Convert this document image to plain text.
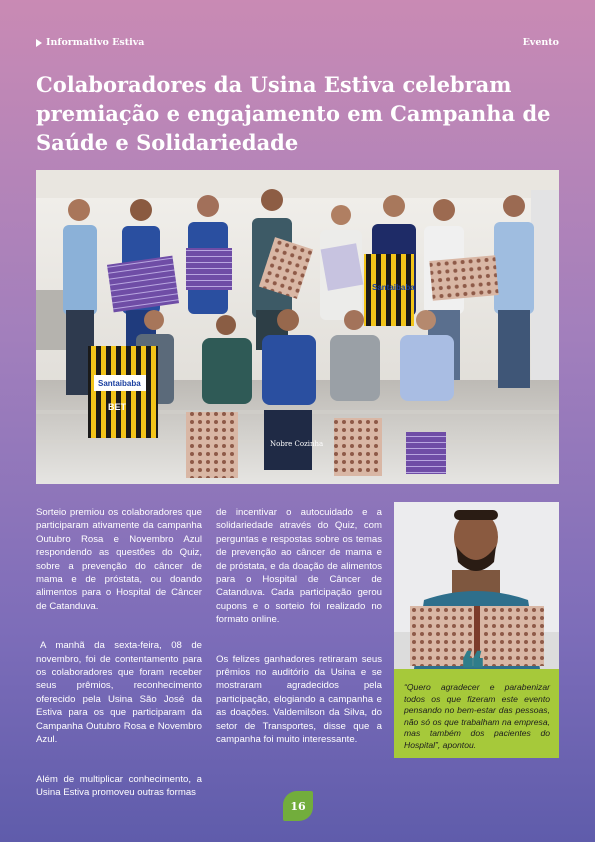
Informativo Estiva	Evento
Colaboradores da Usina Estiva celebram premiação e engajamento em Campanha de Saúde e Solidariedade
Santaibaba
Santaibaba
BET
Nobre Cozinha

Sorteio premiou os colaboradores que participaram ativamente da campanha Outubro Rosa e Novembro Azul respondendo as questões do Quiz, sobre a prevenção do câncer de mama e de próstata, ou doando alimentos para o Hospital de Câncer de Catanduva.

A manhã da sexta-feira, 08 de novembro, foi de contentamento para os colaboradores que foram receber seus prêmios, reconhecimento oferecido pela Usina São José da Estiva para os que participaram da Campanha Outubro Rosa e Novembro Azul.

Além de multiplicar conhecimento, a Usina Estiva promoveu outras formas

de incentivar o autocuidado e a solidariedade através do Quiz, com perguntas e respostas sobre os temas de prevenção ao câncer de mama e de próstata, e da doação de alimentos para o Hospital de Câncer de Catanduva. Cada participação gerou cupons e o sorteio foi realizado no formato online.

Os felizes ganhadores retiraram seus prêmios no auditório da Usina e se mostraram agradecidos pela participação, elogiando a campanha e as doações. Valdemilson da Silva, do setor de Transportes, disse que a campanha foi muito interessante.

❝
“Quero agradecer e parabenizar todos os que fizeram este evento pensando no bem-estar das pessoas, não só os que trabalham na empresa, mas também dos pacientes do Hospital”, apontou.
16
